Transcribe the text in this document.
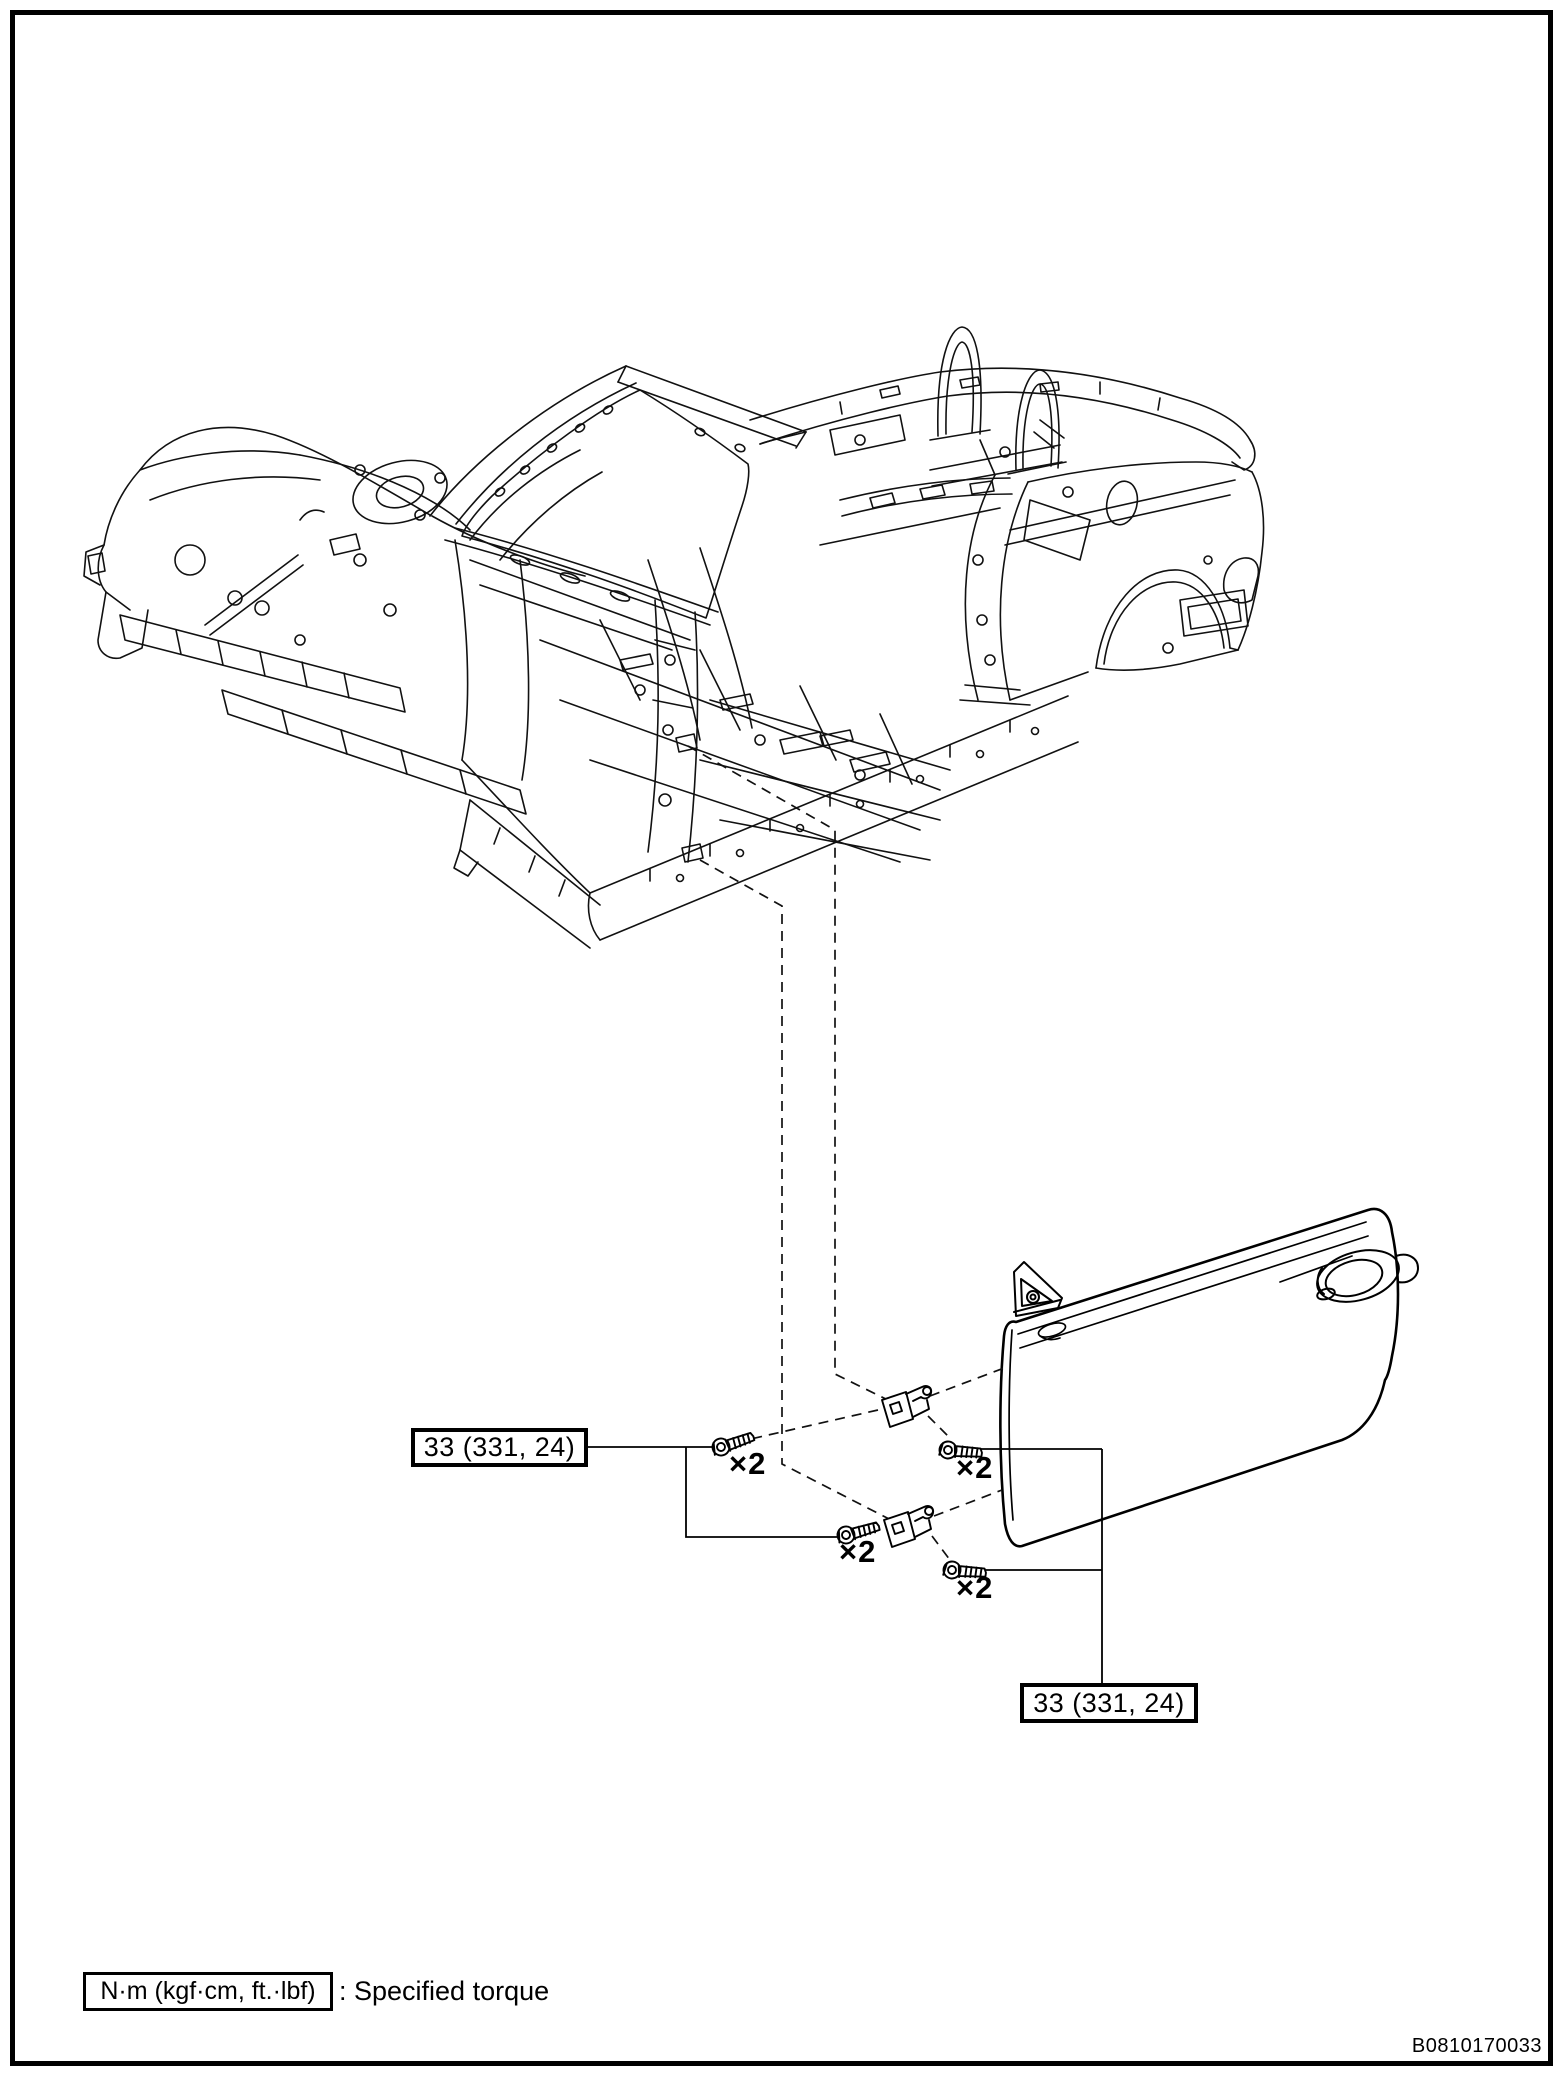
33 (331, 24)
33 (331, 24)
×2	×2
×2
×2
N·m (kgf·cm, ft.·lbf) : Specified torque
B0810170033
